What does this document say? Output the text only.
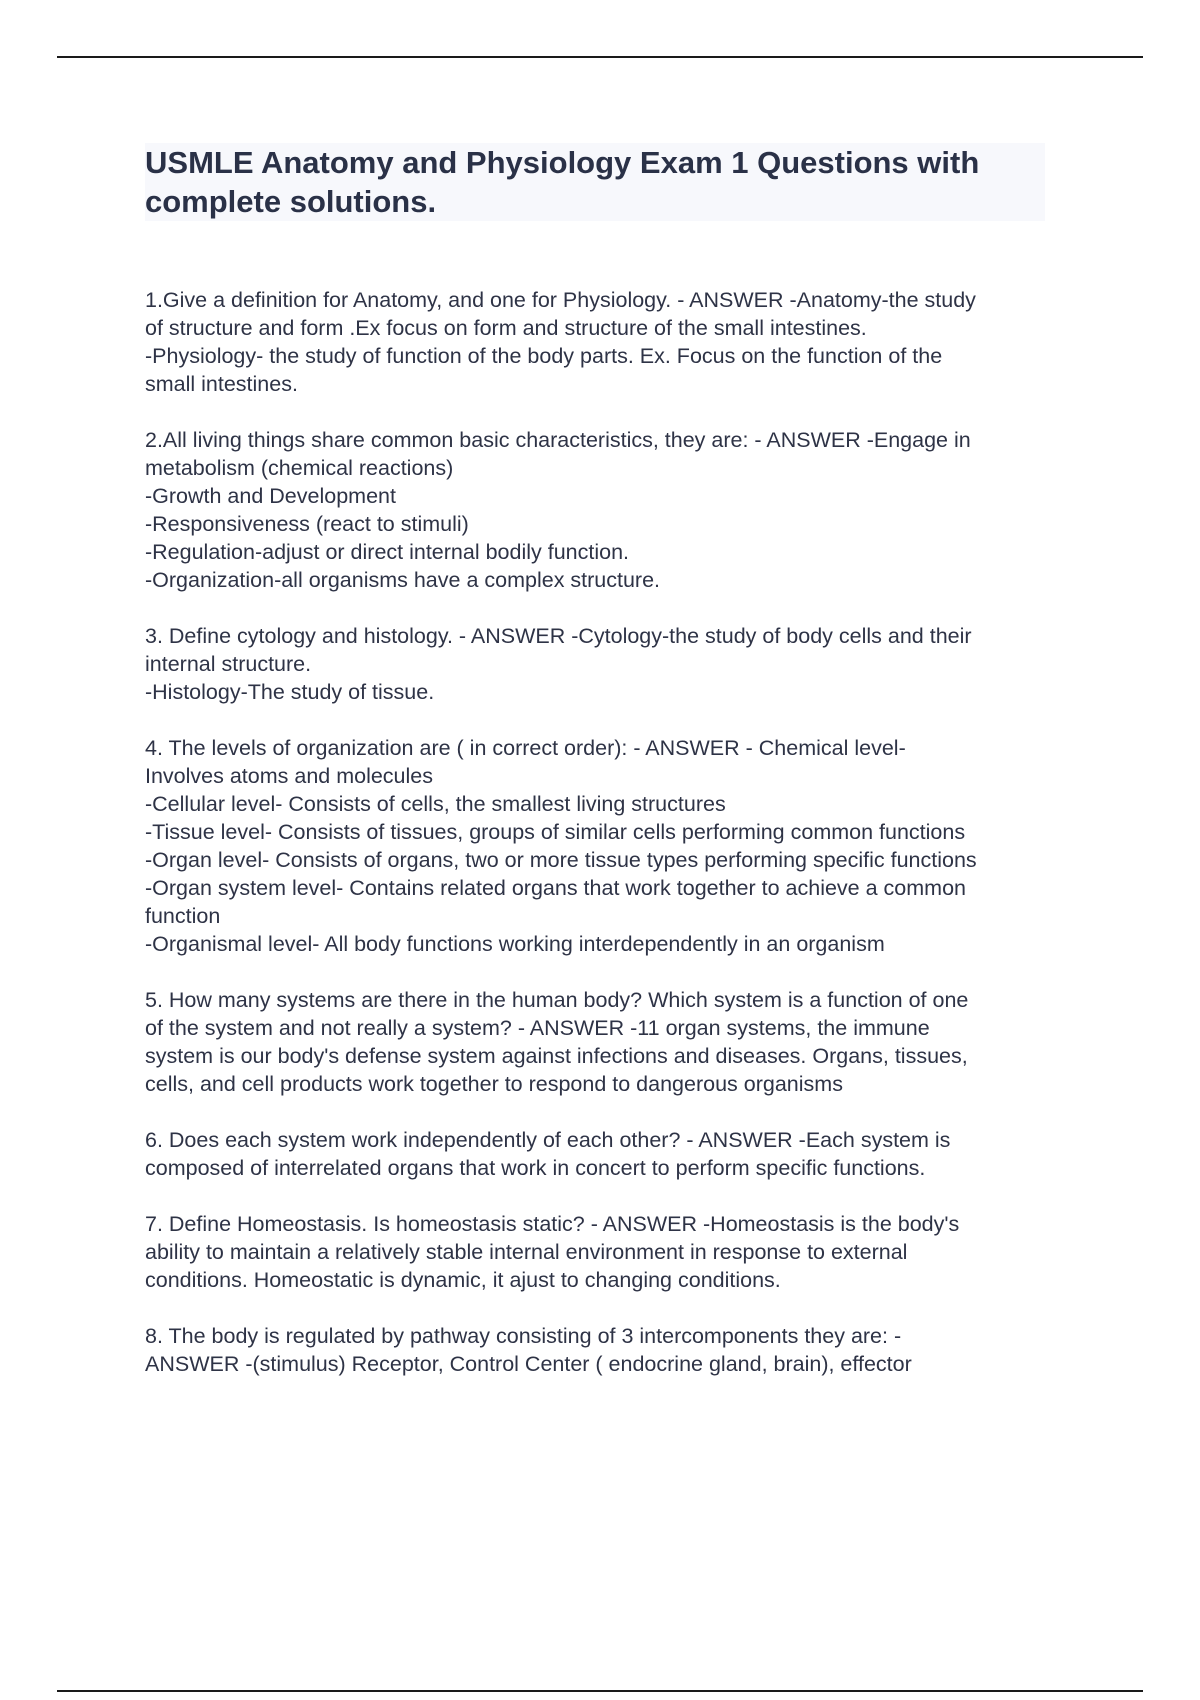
USMLE Anatomy and Physiology Exam 1 Questions with
complete solutions.
1.Give a definition for Anatomy, and one for Physiology. - ANSWER -Anatomy-the study
of structure and form .Ex focus on form and structure of the small intestines.
-Physiology- the study of function of the body parts. Ex. Focus on the function of the
small intestines.
2.All living things share common basic characteristics, they are: - ANSWER -Engage in
metabolism (chemical reactions)
-Growth and Development
-Responsiveness (react to stimuli)
-Regulation-adjust or direct internal bodily function.
-Organization-all organisms have a complex structure.
3. Define cytology and histology. - ANSWER -Cytology-the study of body cells and their
internal structure.
-Histology-The study of tissue.
4. The levels of organization are ( in correct order): - ANSWER - Chemical level-
Involves atoms and molecules
-Cellular level- Consists of cells, the smallest living structures
-Tissue level- Consists of tissues, groups of similar cells performing common functions
-Organ level- Consists of organs, two or more tissue types performing specific functions
-Organ system level- Contains related organs that work together to achieve a common
function
-Organismal level- All body functions working interdependently in an organism
5. How many systems are there in the human body? Which system is a function of one
of the system and not really a system? - ANSWER -11 organ systems, the immune
system is our body's defense system against infections and diseases. Organs, tissues,
cells, and cell products work together to respond to dangerous organisms
6. Does each system work independently of each other? - ANSWER -Each system is
composed of interrelated organs that work in concert to perform specific functions.
7. Define Homeostasis. Is homeostasis static? - ANSWER -Homeostasis is the body's
ability to maintain a relatively stable internal environment in response to external
conditions. Homeostatic is dynamic, it ajust to changing conditions.
8. The body is regulated by pathway consisting of 3 intercomponents they are: -
ANSWER -(stimulus) Receptor, Control Center ( endocrine gland, brain), effector
